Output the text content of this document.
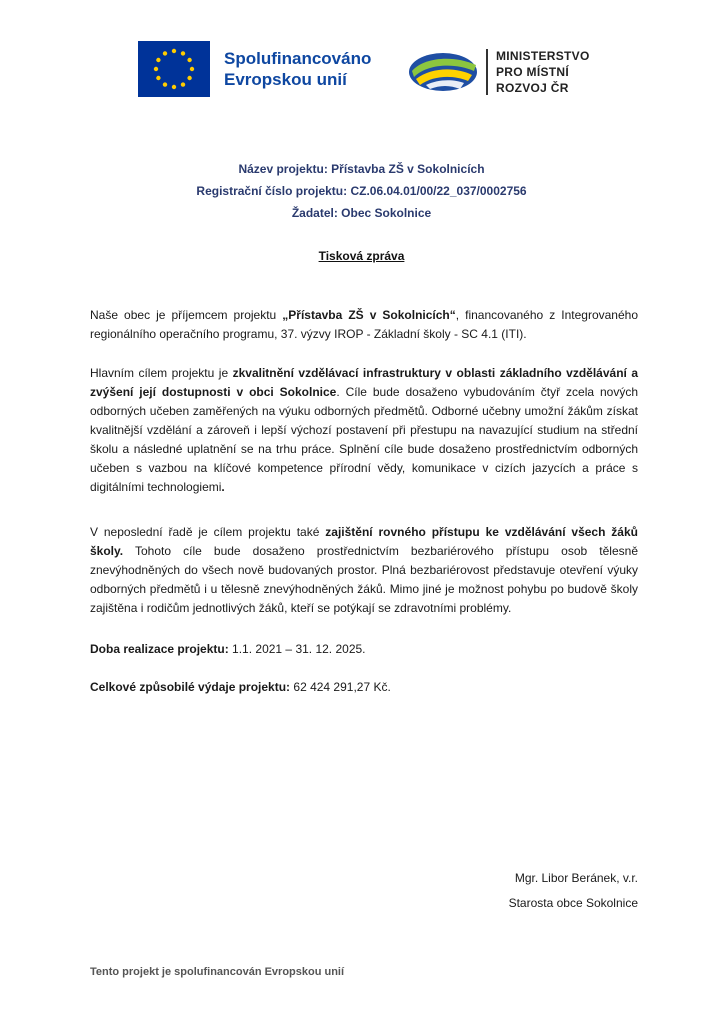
Spolufinancováno
Evropskou unií
MINISTERSTVO
PRO MÍSTNÍ
ROZVOJ ČR
Název projektu: Přístavba ZŠ v Sokolnicích
Registrační číslo projektu: CZ.06.04.01/00/22_037/0002756
Žadatel: Obec Sokolnice
Tisková zpráva
Naše obec je příjemcem projektu „Přístavba ZŠ v Sokolnicích“, financovaného z Integrovaného regionálního operačního programu, 37. výzvy IROP - Základní školy - SC 4.1 (ITI).
Hlavním cílem projektu je zkvalitnění vzdělávací infrastruktury v oblasti základního vzdělávání a zvýšení její dostupnosti v obci Sokolnice. Cíle bude dosaženo vybudováním čtyř zcela nových odborných učeben zaměřených na výuku odborných předmětů. Odborné učebny umožní žákům získat kvalitnější vzdělání a zároveň i lepší výchozí postavení při přestupu na navazující studium na střední školu a následné uplatnění se na trhu práce. Splnění cíle bude dosaženo prostřednictvím odborných učeben s vazbou na klíčové kompetence přírodní vědy, komunikace v cizích jazycích a práce s digitálními technologiemi.
V neposlední řadě je cílem projektu také zajištění rovného přístupu ke vzdělávání všech žáků školy. Tohoto cíle bude dosaženo prostřednictvím bezbariérového přístupu osob tělesně znevýhodněných do všech nově budovaných prostor. Plná bezbariérovost představuje otevření výuky odborných předmětů i u tělesně znevýhodněných žáků. Mimo jiné je možnost pohybu po budově školy zajištěna i rodičům jednotlivých žáků, kteří se potýkají se zdravotními problémy.
Doba realizace projektu: 1.1. 2021 – 31. 12. 2025.
Celkové způsobilé výdaje projektu: 62 424 291,27 Kč.
Mgr. Libor Beránek, v.r.
Starosta obce Sokolnice
Tento projekt je spolufinancován Evropskou unií
